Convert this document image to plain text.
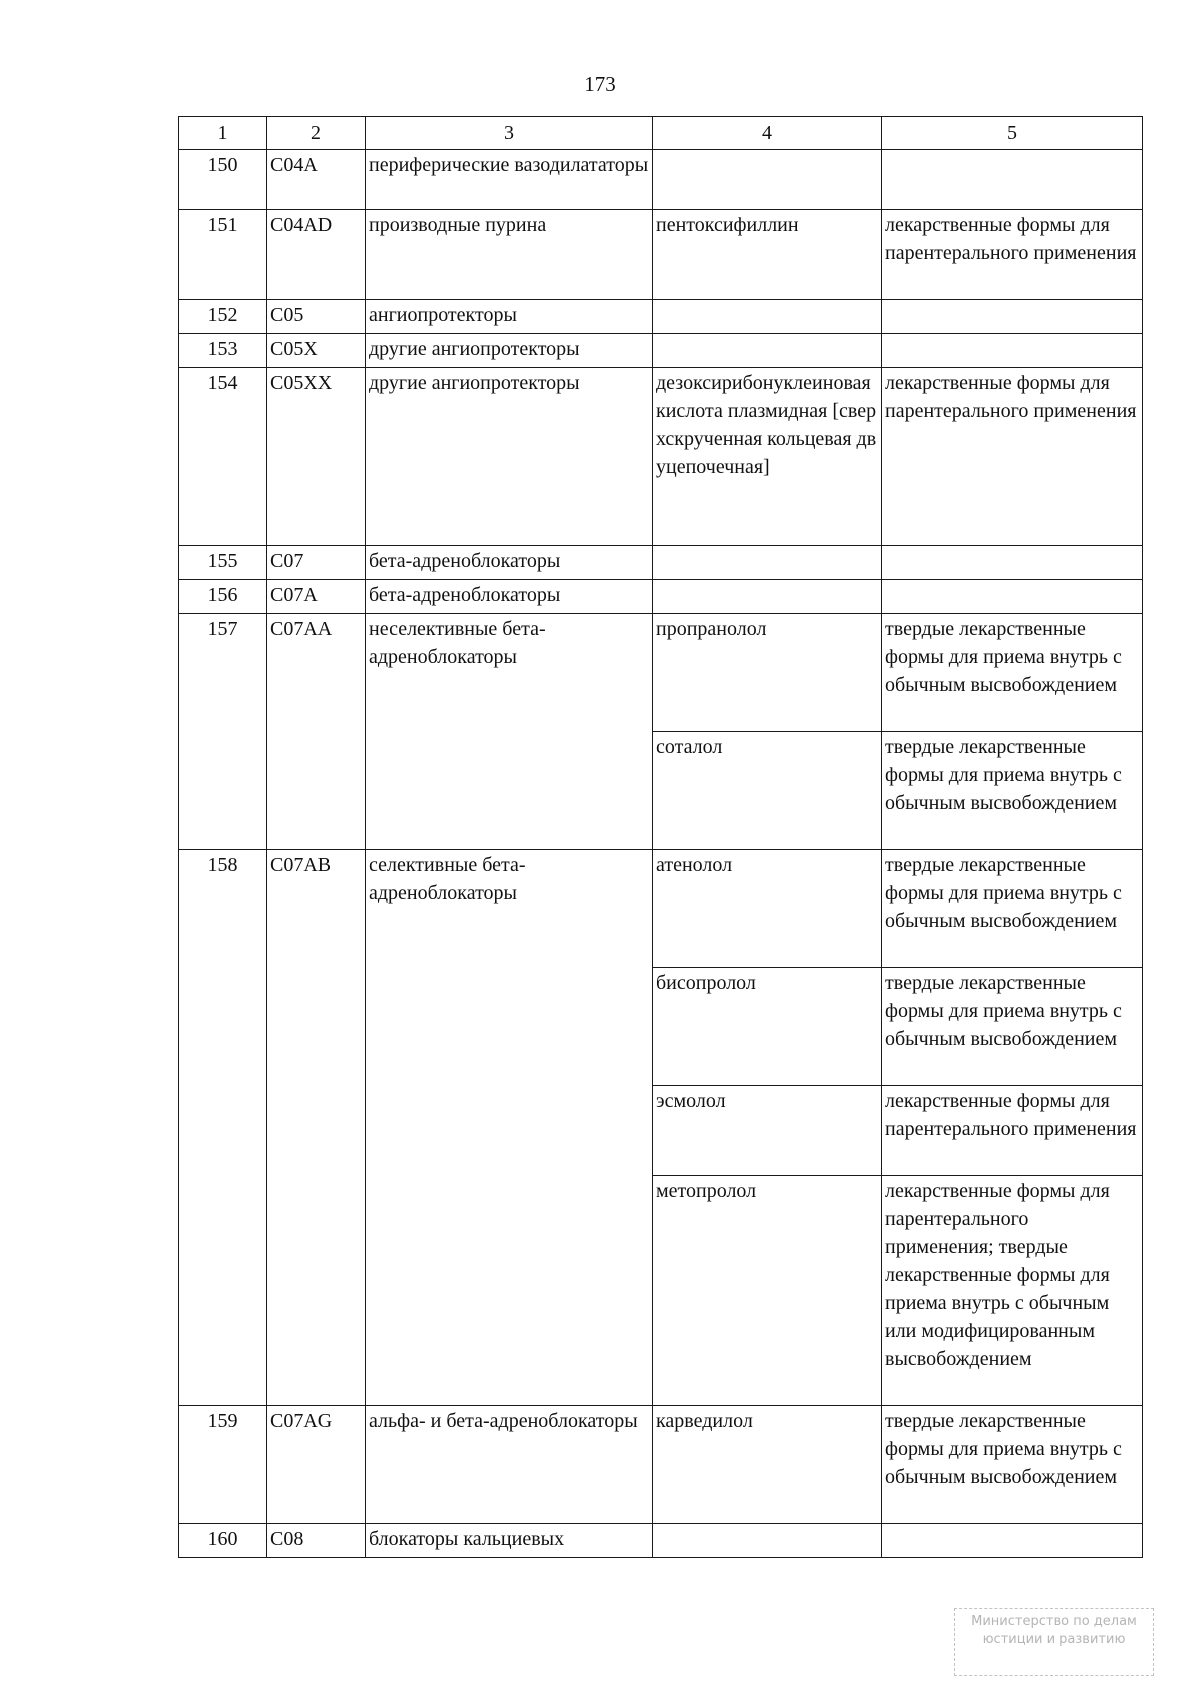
173
1	2	3	4	5
150	C04A	периферические вазодилататоры		
151	C04AD	производные пурина	пентоксифиллин	лекарственные формы для парентерального применения
152	C05	ангиопротекторы		
153	C05X	другие ангиопротекторы		
154	C05XX	другие ангиопротекторы	дезоксирибонуклеиновая кислота плазмидная [сверхскрученная кольцевая двуцепочечная]	лекарственные формы для парентерального применения
155	C07	бета-адреноблокаторы		
156	C07A	бета-адреноблокаторы		
157	C07AA	неселективные бета-адреноблокаторы	пропранолол	твердые лекарственные формы для приема внутрь с обычным высвобождением
			соталол	твердые лекарственные формы для приема внутрь с обычным высвобождением
158	C07AB	селективные бета-адреноблокаторы	атенолол	твердые лекарственные формы для приема внутрь с обычным высвобождением
			бисопролол	твердые лекарственные формы для приема внутрь с обычным высвобождением
			эсмолол	лекарственные формы для парентерального применения
			метопролол	лекарственные формы для парентерального применения; твердые лекарственные формы для приема внутрь с обычным или модифицированным высвобождением
159	C07AG	альфа- и бета-адреноблокаторы	карведилол	твердые лекарственные формы для приема внутрь с обычным высвобождением
160	C08	блокаторы кальциевых		
Министерство по делам
юстиции и развитию
